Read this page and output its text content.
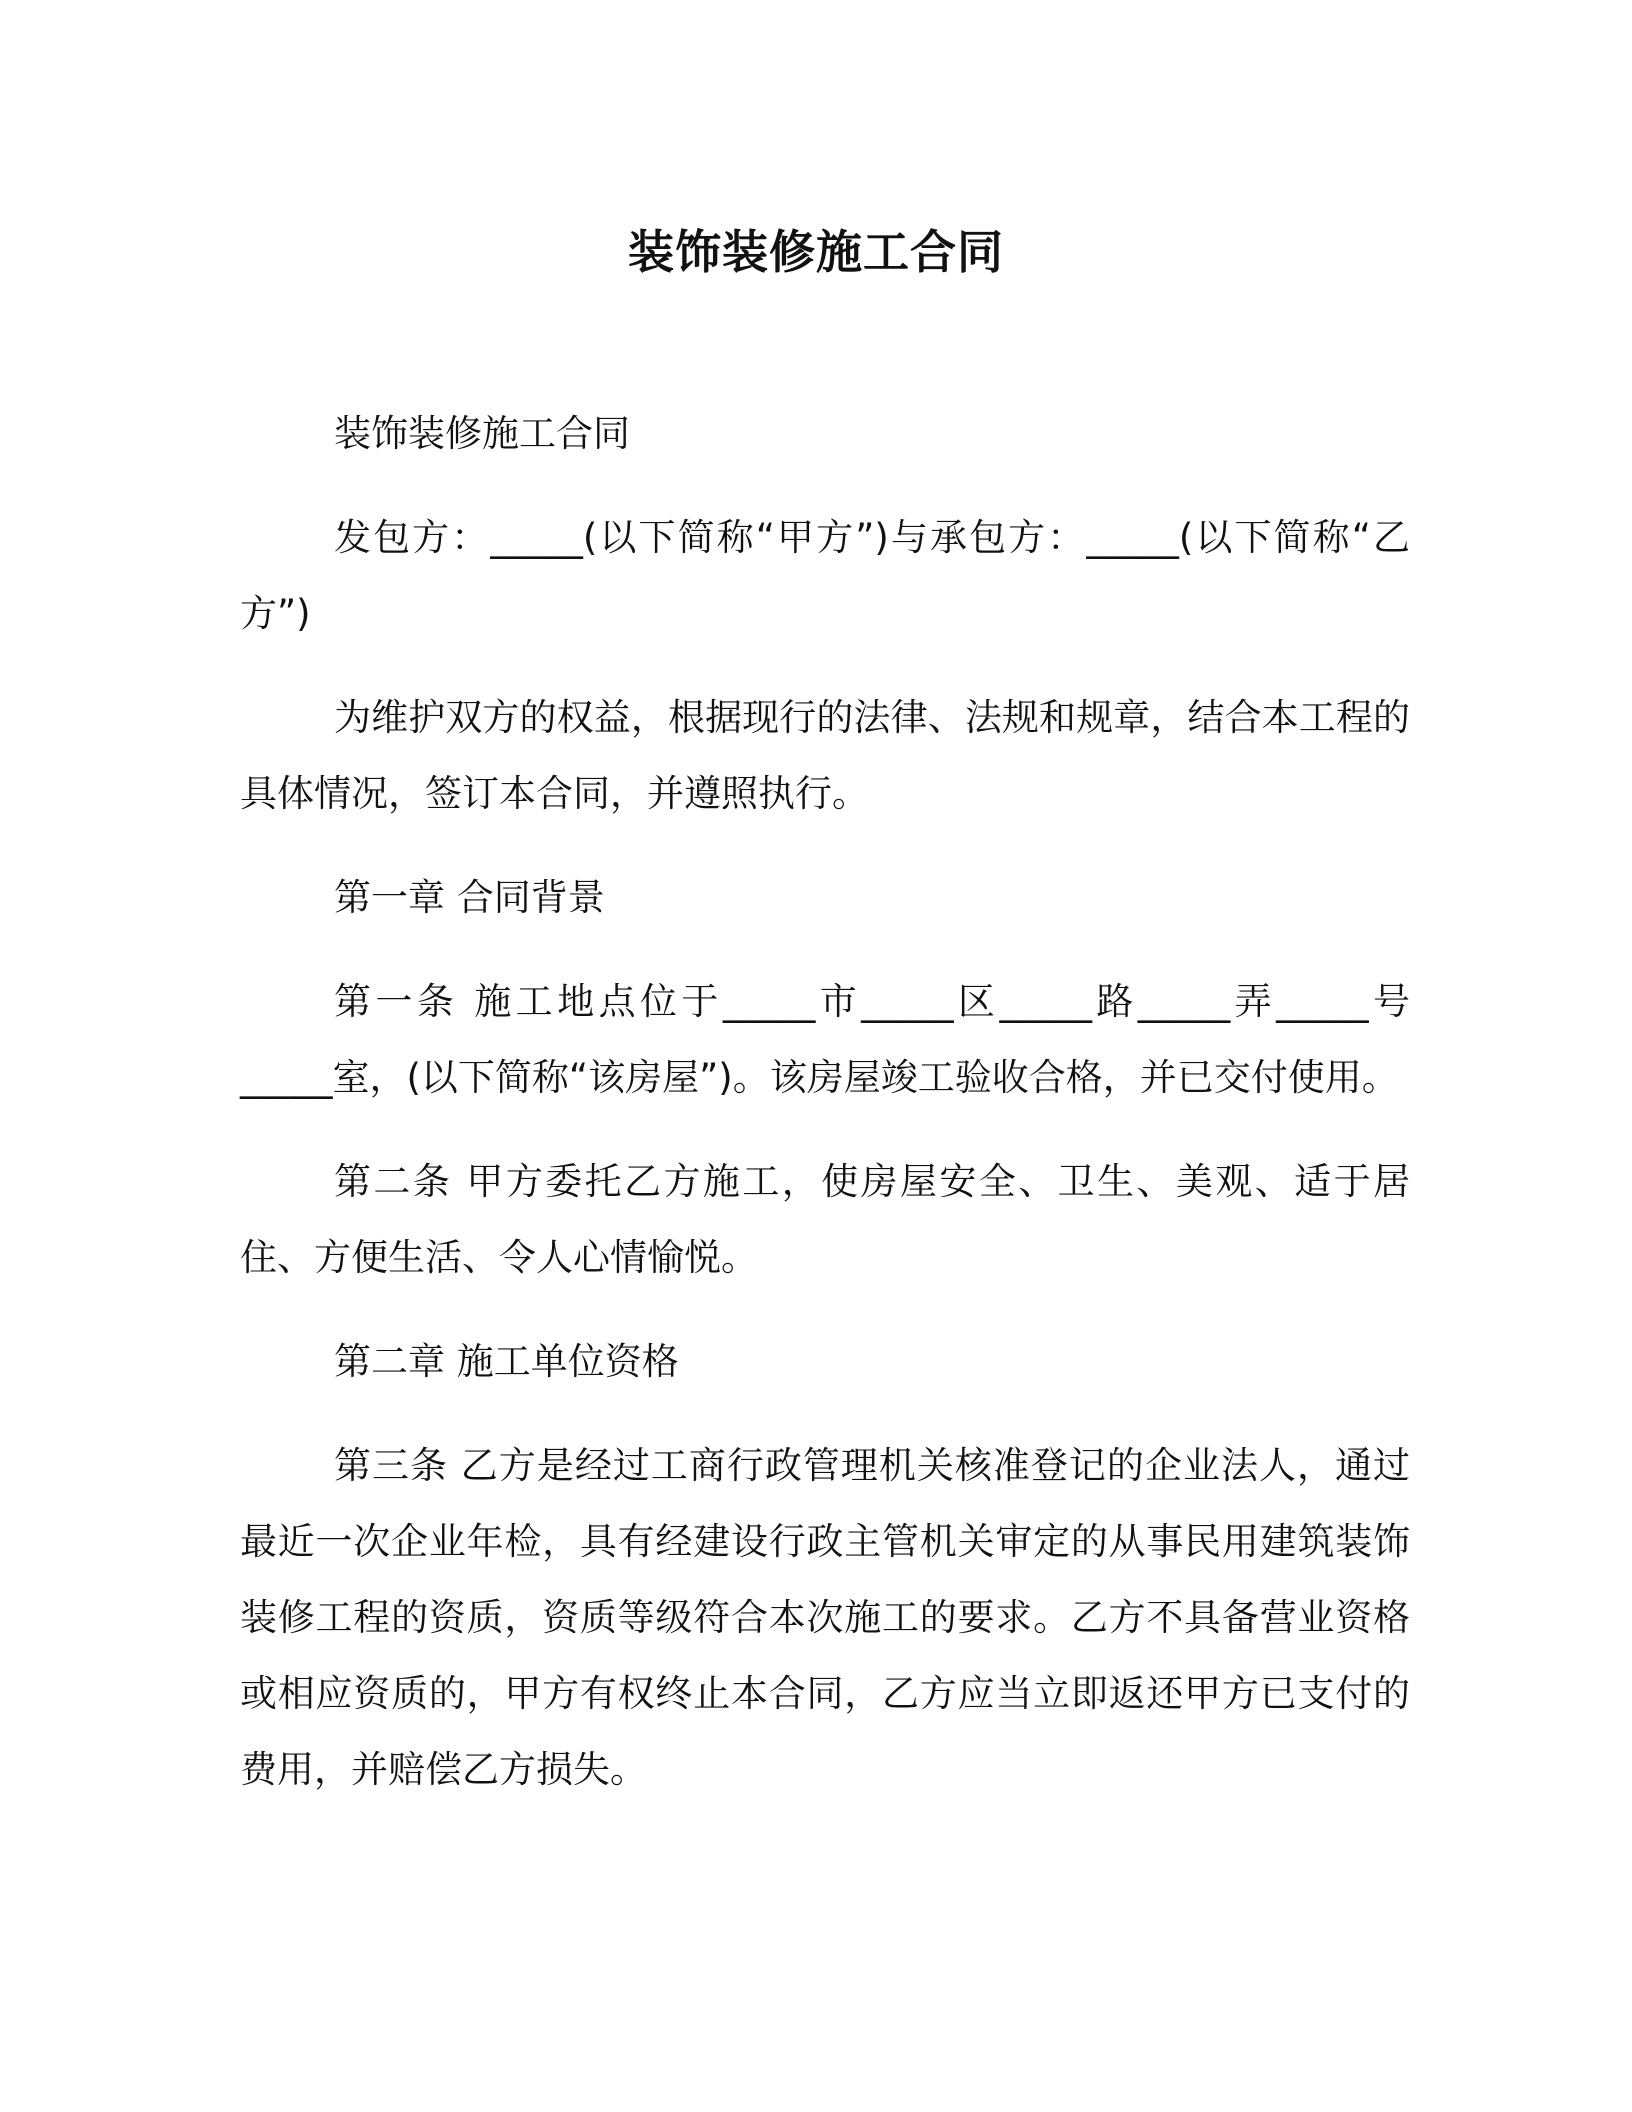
装饰装修施工合同

装饰装修施工合同

发包方：_____(以下简称“甲方”)与承包方：_____(以下简称“乙方”)

为维护双方的权益，根据现行的法律、法规和规章，结合本工程的具体情况，签订本合同，并遵照执行。

第一章 合同背景

第一条 施工地点位于_____市_____区_____路_____弄_____号_____室，(以下简称“该房屋”)。该房屋竣工验收合格，并已交付使用。

第二条 甲方委托乙方施工，使房屋安全、卫生、美观、适于居住、方便生活、令人心情愉悦。

第二章 施工单位资格

第三条 乙方是经过工商行政管理机关核准登记的企业法人，通过最近一次企业年检，具有经建设行政主管机关审定的从事民用建筑装饰装修工程的资质，资质等级符合本次施工的要求。乙方不具备营业资格或相应资质的，甲方有权终止本合同，乙方应当立即返还甲方已支付的费用，并赔偿乙方损失。
